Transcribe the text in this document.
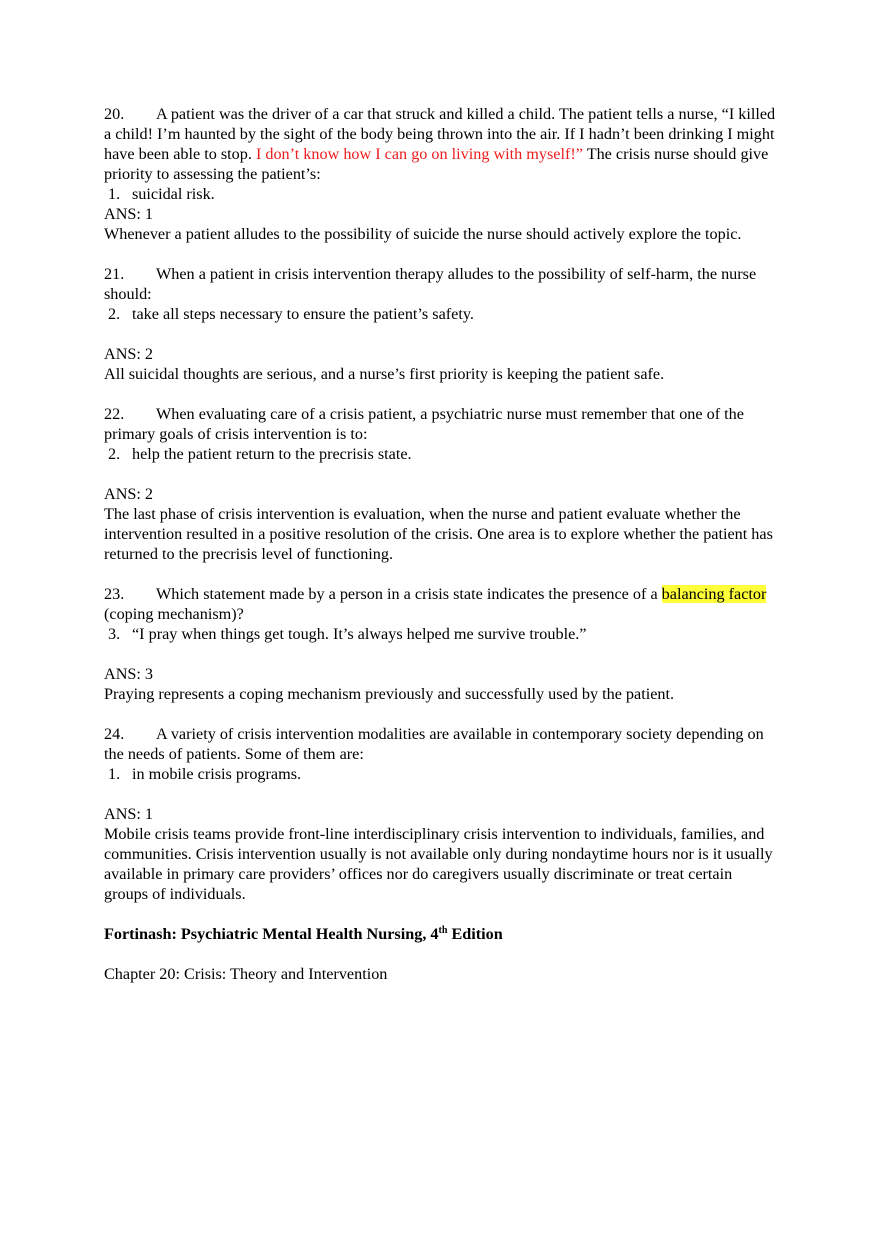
20. A patient was the driver of a car that struck and killed a child. The patient tells a nurse, “I killed a child! I’m haunted by the sight of the body being thrown into the air. If I hadn’t been drinking I might have been able to stop. I don’t know how I can go on living with myself!” The crisis nurse should give priority to assessing the patient’s:

1. suicidal risk.

ANS: 1

Whenever a patient alludes to the possibility of suicide the nurse should actively explore the topic.

21. When a patient in crisis intervention therapy alludes to the possibility of self-harm, the nurse should:

2. take all steps necessary to ensure the patient’s safety.

ANS: 2

All suicidal thoughts are serious, and a nurse’s first priority is keeping the patient safe.

22. When evaluating care of a crisis patient, a psychiatric nurse must remember that one of the primary goals of crisis intervention is to:

2. help the patient return to the precrisis state.

ANS: 2

The last phase of crisis intervention is evaluation, when the nurse and patient evaluate whether the intervention resulted in a positive resolution of the crisis. One area is to explore whether the patient has returned to the precrisis level of functioning.

23. Which statement made by a person in a crisis state indicates the presence of a balancing factor (coping mechanism)?

3. “I pray when things get tough. It’s always helped me survive trouble.”

ANS: 3

Praying represents a coping mechanism previously and successfully used by the patient.

24. A variety of crisis intervention modalities are available in contemporary society depending on the needs of patients. Some of them are:

1. in mobile crisis programs.

ANS: 1

Mobile crisis teams provide front-line interdisciplinary crisis intervention to individuals, families, and communities. Crisis intervention usually is not available only during nondaytime hours nor is it usually available in primary care providers’ offices nor do caregivers usually discriminate or treat certain groups of individuals.

Fortinash: Psychiatric Mental Health Nursing, 4th Edition

Chapter 20: Crisis: Theory and Intervention
